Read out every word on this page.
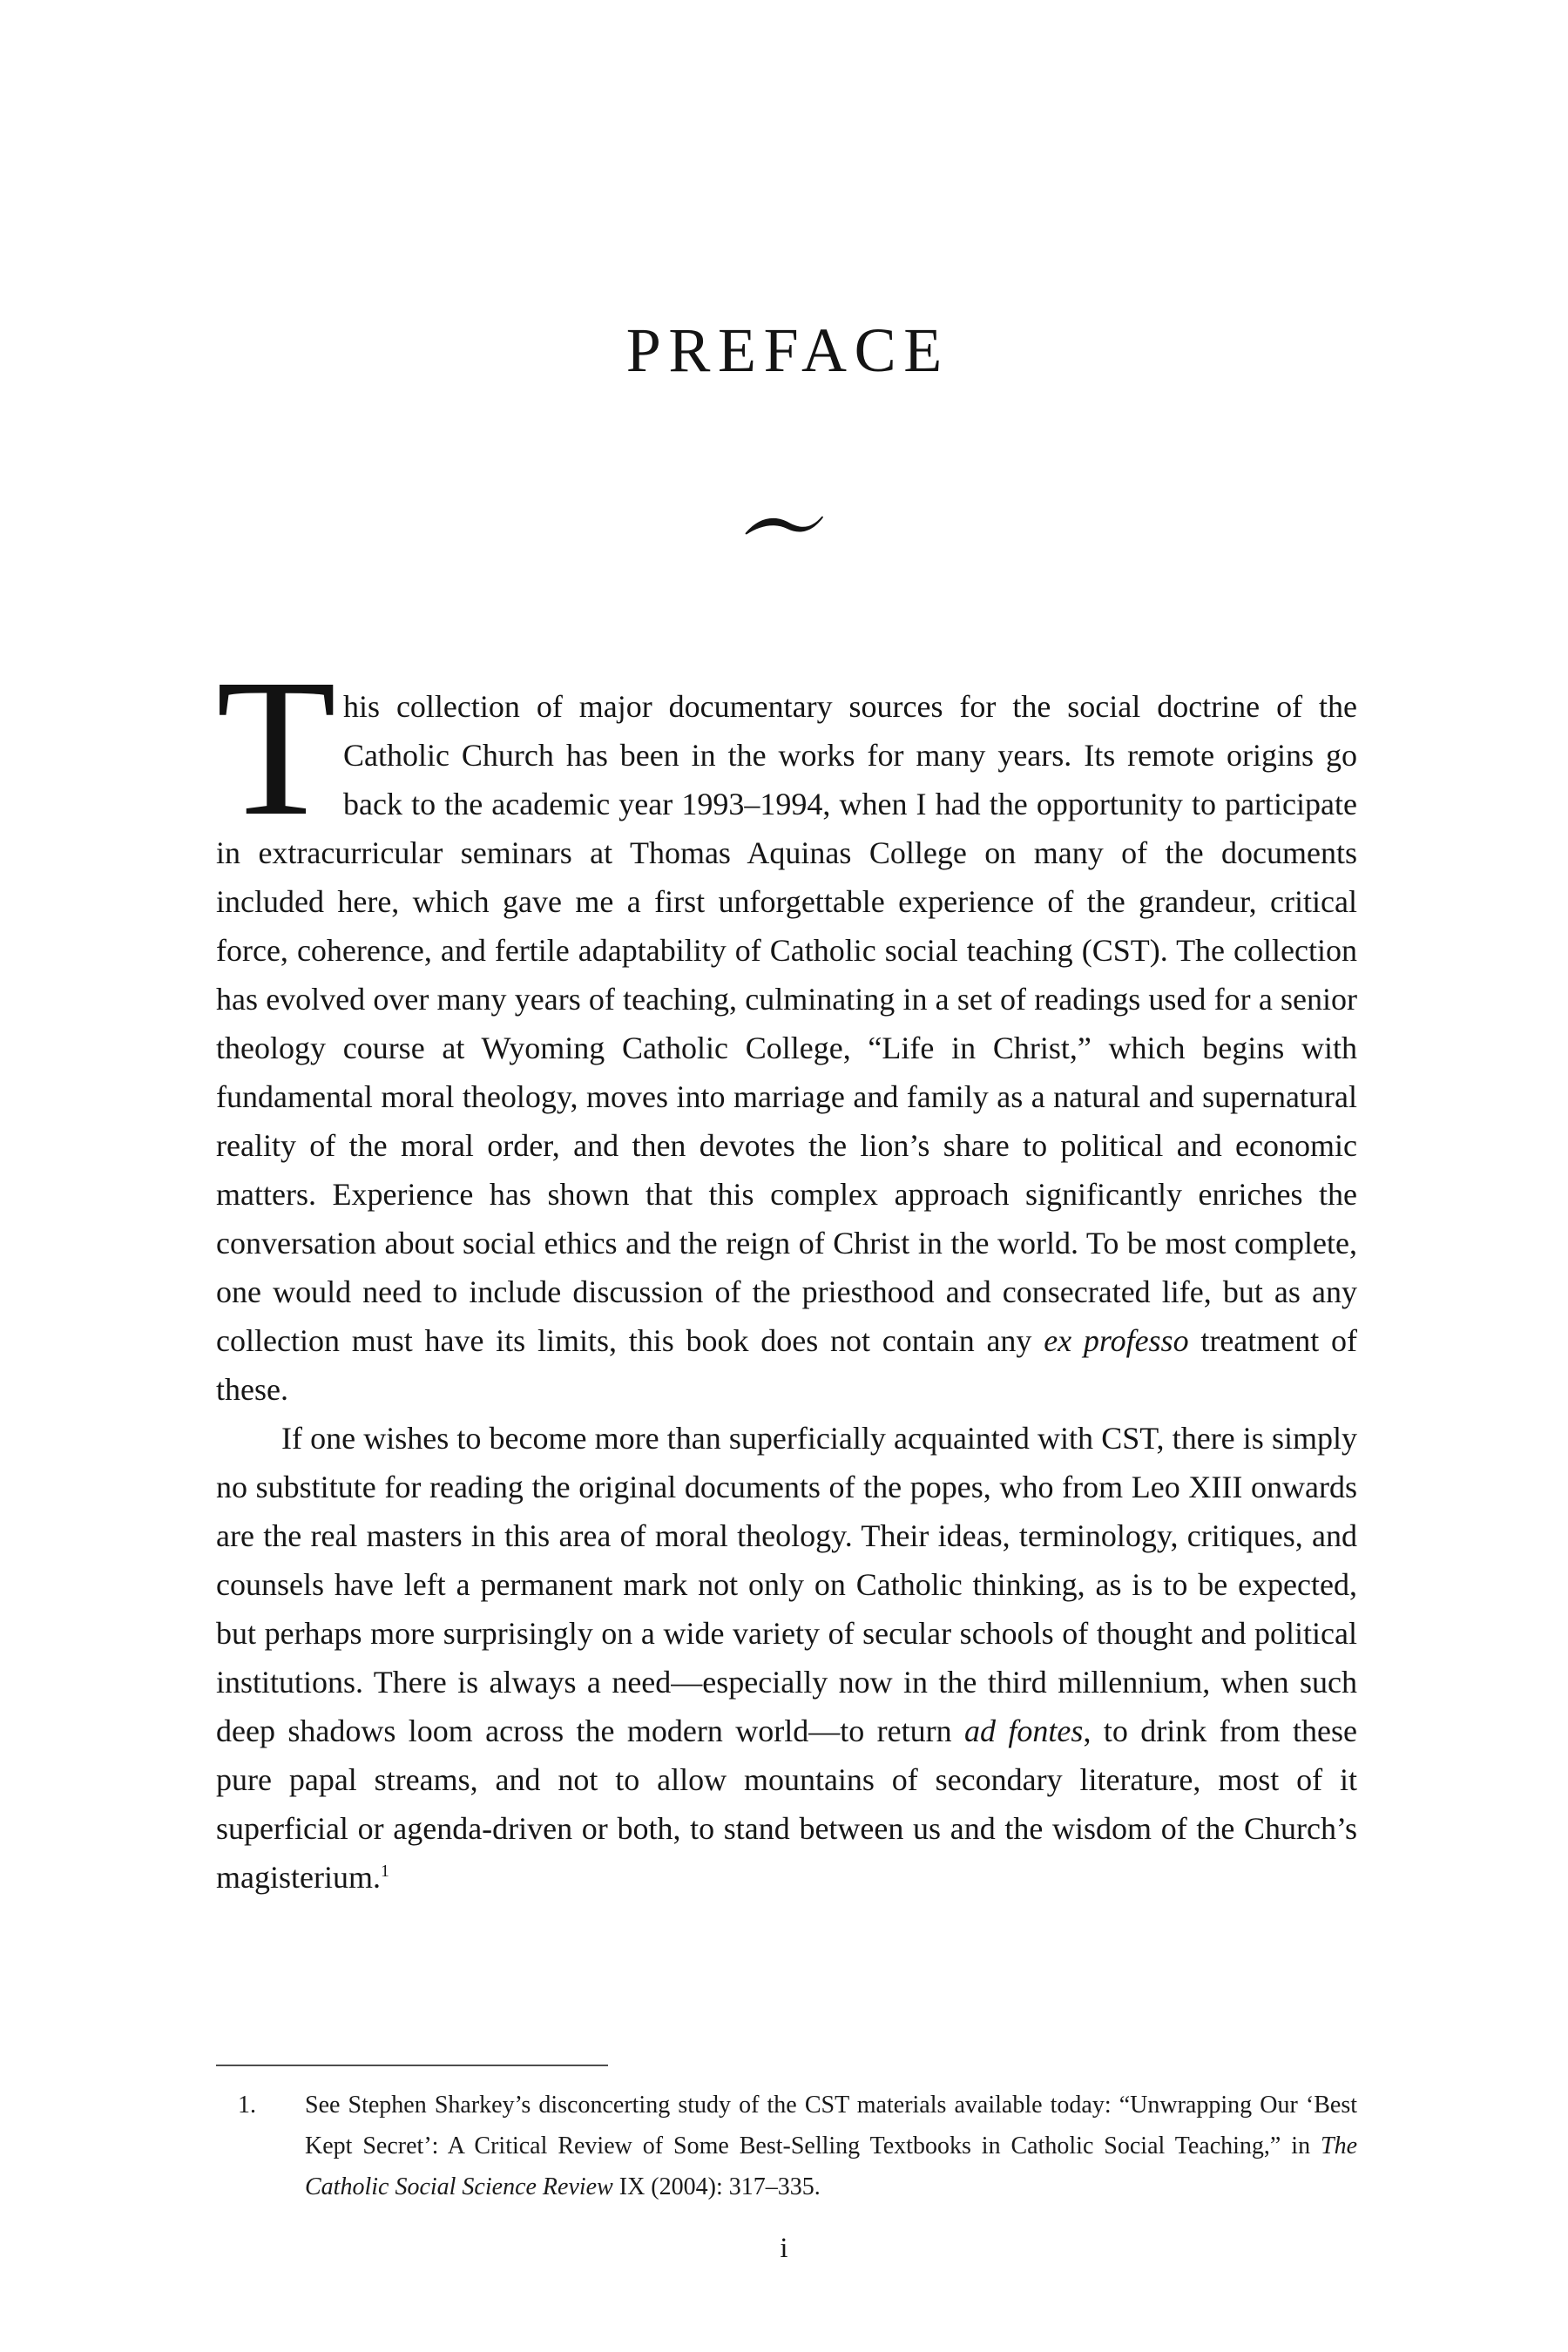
PREFACE

This collection of major documentary sources for the social doctrine of the Catholic Church has been in the works for many years. Its remote origins go back to the academic year 1993–1994, when I had the opportunity to participate in extracurricular seminars at Thomas Aquinas College on many of the documents included here, which gave me a first unforgettable experience of the grandeur, critical force, coherence, and fertile adaptability of Catholic social teaching (CST). The collection has evolved over many years of teaching, culminating in a set of readings used for a senior theology course at Wyoming Catholic College, “Life in Christ,” which begins with fundamental moral theology, moves into marriage and family as a natural and supernatural reality of the moral order, and then devotes the lion’s share to political and economic matters. Experience has shown that this complex approach significantly enriches the conversation about social ethics and the reign of Christ in the world. To be most complete, one would need to include discussion of the priesthood and consecrated life, but as any collection must have its limits, this book does not contain any ex professo treatment of these.

If one wishes to become more than superficially acquainted with CST, there is simply no substitute for reading the original documents of the popes, who from Leo XIII onwards are the real masters in this area of moral theology. Their ideas, terminology, critiques, and counsels have left a permanent mark not only on Catholic thinking, as is to be expected, but perhaps more surprisingly on a wide variety of secular schools of thought and political institutions. There is always a need—especially now in the third millennium, when such deep shadows loom across the modern world—to return ad fontes, to drink from these pure papal streams, and not to allow mountains of secondary literature, most of it superficial or agenda-driven or both, to stand between us and the wisdom of the Church’s magisterium.$^1$

1.	See Stephen Sharkey’s disconcerting study of the CST materials available today: “Unwrapping Our ‘Best Kept Secret’: A Critical Review of Some Best-Selling Textbooks in Catholic Social Teaching,” in The Catholic Social Science Review IX (2004): 317–335.
i
